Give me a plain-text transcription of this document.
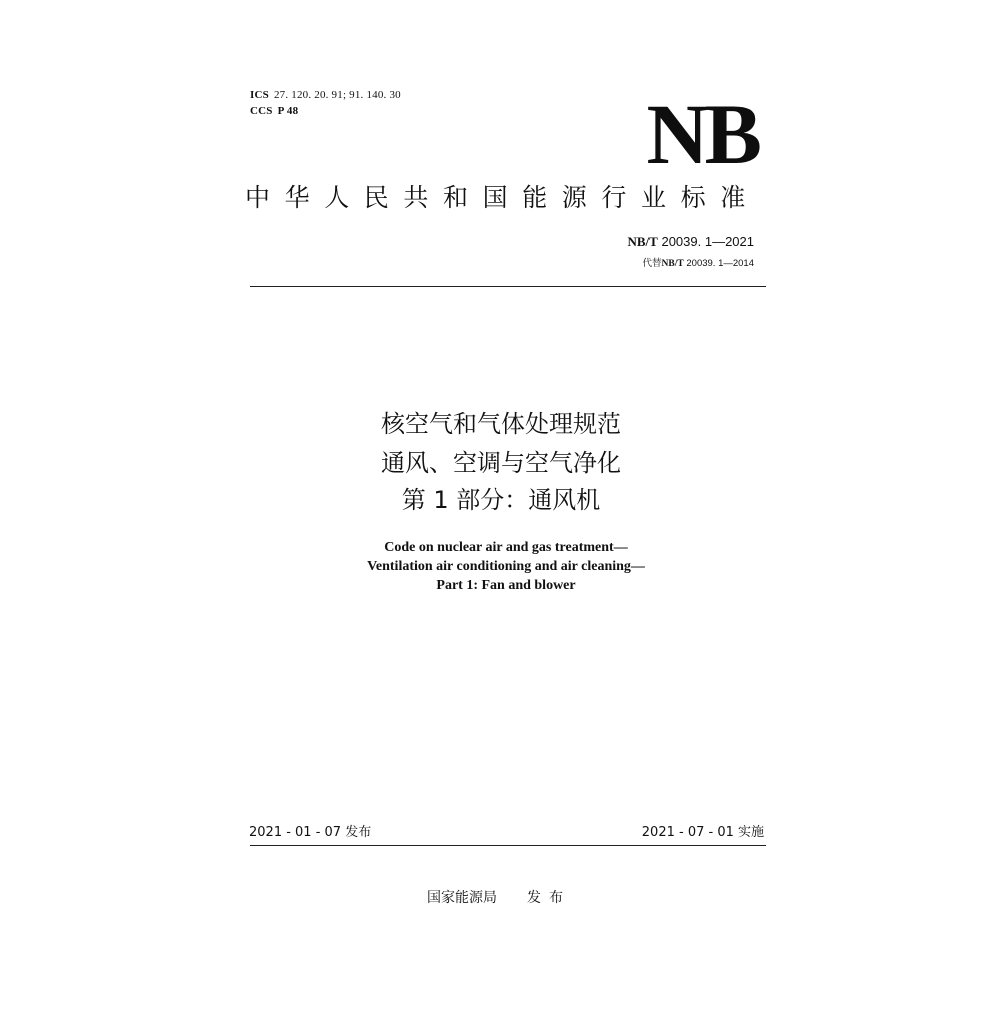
ICS 27. 120. 20. 91; 91. 140. 30
CCS P 48	NB
中华人民共和国能源行业标准
NB/T 20039. 1—2021
代替NB/T 20039. 1—2014
核空气和气体处理规范
通风、空调与空气净化
第 1 部分：通风机
Code on nuclear air and gas treatment—
Ventilation air conditioning and air cleaning—
Part 1: Fan and blower
2021 - 01 - 07 发布	2021 - 07 - 01 实施
国家能源局 发布
